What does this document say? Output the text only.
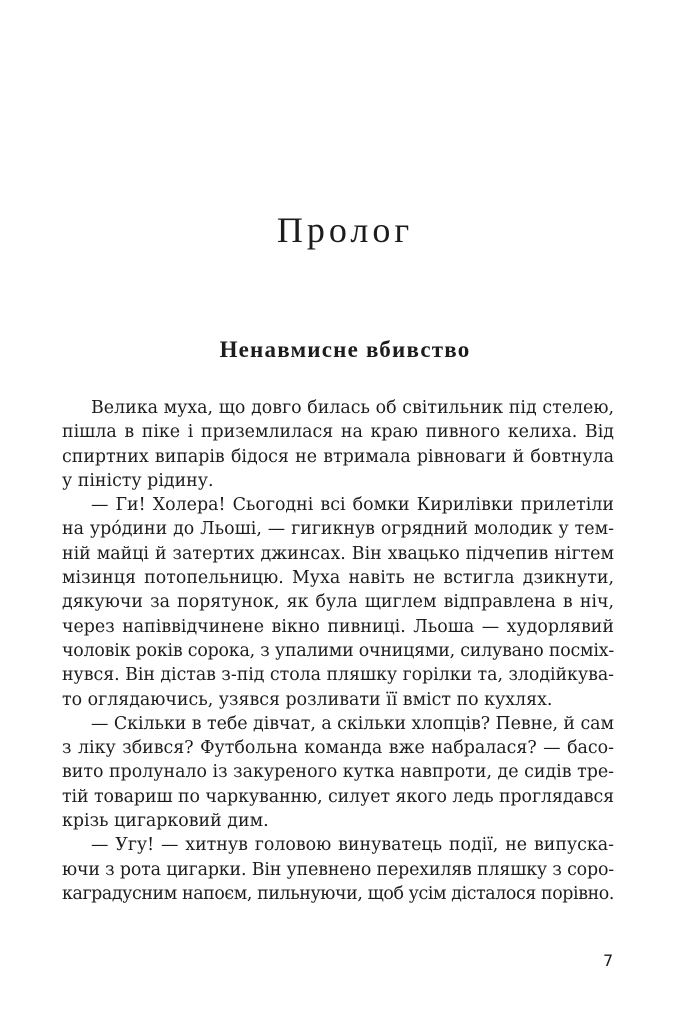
Пролог
Ненавмисне вбивство
Велика муха, що довго билась об світильник під стелею,
пішла в піке і приземлилася на краю пивного келиха. Від
спиртних випарів бідося не втримала рівноваги й бовтнула
у піністу рідину.
— Ги! Холера! Сьогодні всі бомки Кирилівки прилетіли
на уро́дини до Льоші, — гигикнув огрядний молодик у тем-
ній майці й затертих джинсах. Він хвацько підчепив нігтем
мізинця потопельницю. Муха навіть не встигла дзикнути,
дякуючи за порятунок, як була щиглем відправлена в ніч,
через напіввідчинене вікно пивниці. Льоша — худорлявий
чоловік років сорока, з упалими очницями, силувано посміх-
нувся. Він дістав з-під стола пляшку горілки та, злодійкува-
то оглядаючись, узявся розливати її вміст по кухлях.
— Скільки в тебе дівчат, а скільки хлопців? Певне, й сам
з ліку збився? Футбольна команда вже набралася? — басо-
вито пролунало із закуреного кутка навпроти, де сидів тре-
тій товариш по чаркуванню, силует якого ледь проглядався
крізь цигарковий дим.
— Угу! — хитнув головою винуватець події, не випуска-
ючи з рота цигарки. Він упевнено перехиляв пляшку з соро-
каградусним напоєм, пильнуючи, щоб усім дісталося порівно.

7
